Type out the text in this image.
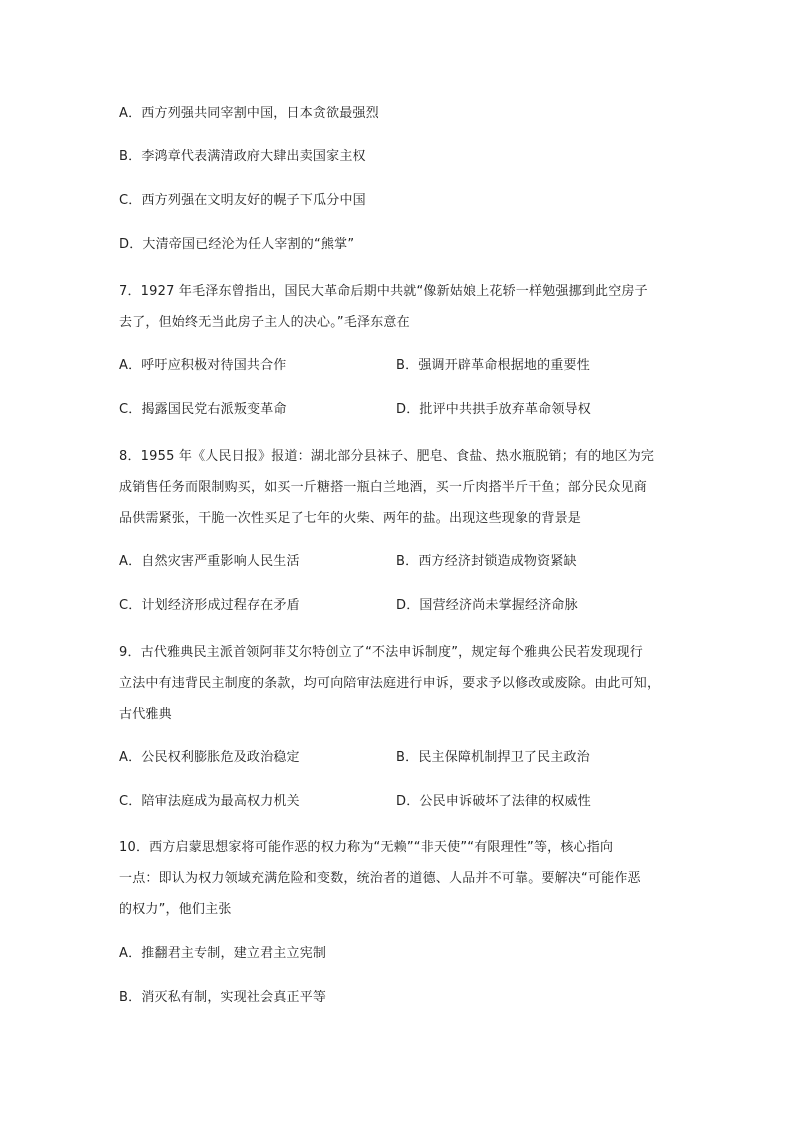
A．西方列强共同宰割中国，日本贪欲最强烈
B．李鸿章代表满清政府大肆出卖国家主权
C．西方列强在文明友好的幌子下瓜分中国
D．大清帝国已经沦为任人宰割的“熊掌”
7．1927 年毛泽东曾指出，国民大革命后期中共就“像新姑娘上花轿一样勉强挪到此空房子
去了，但始终无当此房子主人的决心。”毛泽东意在
A．呼吁应积极对待国共合作	B．强调开辟革命根据地的重要性
C．揭露国民党右派叛变革命	D．批评中共拱手放弃革命领导权
8．1955 年《人民日报》报道：湖北部分县袜子、肥皂、食盐、热水瓶脱销；有的地区为完
成销售任务而限制购买，如买一斤糖搭一瓶白兰地酒，买一斤肉搭半斤干鱼；部分民众见商
品供需紧张，干脆一次性买足了七年的火柴、两年的盐。出现这些现象的背景是
A．自然灾害严重影响人民生活	B．西方经济封锁造成物资紧缺
C．计划经济形成过程存在矛盾	D．国营经济尚未掌握经济命脉
9．古代雅典民主派首领阿菲艾尔特创立了“不法申诉制度”，规定每个雅典公民若发现现行
立法中有违背民主制度的条款，均可向陪审法庭进行申诉，要求予以修改或废除。由此可知，
古代雅典
A．公民权利膨胀危及政治稳定	B．民主保障机制捍卫了民主政治
C．陪审法庭成为最高权力机关	D．公民申诉破坏了法律的权威性
10．西方启蒙思想家将可能作恶的权力称为“无赖”“非天使”“有限理性”等，核心指向
一点：即认为权力领域充满危险和变数，统治者的道德、人品并不可靠。要解决“可能作恶
的权力”，他们主张
A．推翻君主专制，建立君主立宪制
B．消灭私有制，实现社会真正平等
